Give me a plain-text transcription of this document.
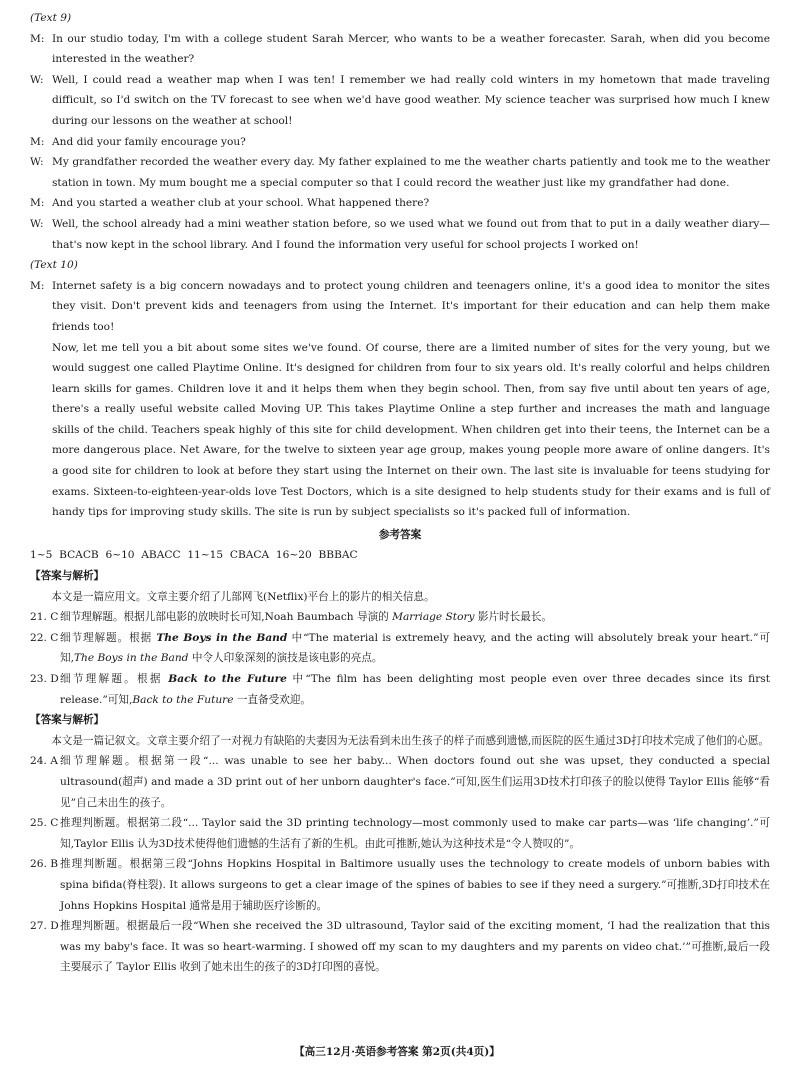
(Text 9)
M: In our studio today, I'm with a college student Sarah Mercer, who wants to be a weather forecaster. Sarah, when did you become interested in the weather?
W: Well, I could read a weather map when I was ten! I remember we had really cold winters in my hometown that made traveling difficult, so I'd switch on the TV forecast to see when we'd have good weather. My science teacher was surprised how much I knew during our lessons on the weather at school!
M: And did your family encourage you?
W: My grandfather recorded the weather every day. My father explained to me the weather charts patiently and took me to the weather station in town. My mum bought me a special computer so that I could record the weather just like my grandfather had done.
M: And you started a weather club at your school. What happened there?
W: Well, the school already had a mini weather station before, so we used what we found out from that to put in a daily weather diary—that's now kept in the school library. And I found the information very useful for school projects I worked on!
(Text 10)
M: Internet safety is a big concern nowadays and to protect young children and teenagers online, it's a good idea to monitor the sites they visit. Don't prevent kids and teenagers from using the Internet. It's important for their education and can help them make friends too!
Now, let me tell you a bit about some sites we've found. Of course, there are a limited number of sites for the very young, but we would suggest one called Playtime Online. It's designed for children from four to six years old. It's really colorful and helps children learn skills for games. Children love it and it helps them when they begin school. Then, from say five until about ten years of age, there's a really useful website called Moving UP. This takes Playtime Online a step further and increases the math and language skills of the child. Teachers speak highly of this site for child development. When children get into their teens, the Internet can be a more dangerous place. Net Aware, for the twelve to sixteen year age group, makes young people more aware of online dangers. It's a good site for children to look at before they start using the Internet on their own. The last site is invaluable for teens studying for exams. Sixteen-to-eighteen-year-olds love Test Doctors, which is a site designed to help students study for their exams and is full of handy tips for improving study skills. The site is run by subject specialists so it's packed full of information.
参考答案
1~5  BCACB  6~10  ABACC  11~15  CBACA  16~20  BBBAC
【答案与解析】
本文是一篇应用文。文章主要介绍了儿部网飞(Netflix)平台上的影片的相关信息。
21. C 细节理解题。根据儿部电影的放映时长可知,Noah Baumbach 导演的 Marriage Story 影片时长最长。
22. C 细节理解题。根据 The Boys in the Band 中“The material is extremely heavy, and the acting will absolutely break your heart.”可知,The Boys in the Band 中令人印象深刻的演技是该电影的亮点。
23. D 细节理解题。根据 Back to the Future 中“The film has been delighting most people even over three decades since its first release.”可知,Back to the Future 一直备受欢迎。
【答案与解析】
本文是一篇记叙文。文章主要介绍了一对视力有缺陷的夫妻因为无法看到未出生孩子的样子而感到遗憾,而医院的医生通过3D打印技术完成了他们的心愿。
24. A 细节理解题。根据第一段“... was unable to see her baby... When doctors found out she was upset, they conducted a special ultrasound(超声) and made a 3D print out of her unborn daughter's face.”可知,医生们运用3D技术打印孩子的脸以使得 Taylor Ellis 能够“看见”自己未出生的孩子。
25. C 推理判断题。根据第二段“... Taylor said the 3D printing technology—most commonly used to make car parts—was ‘life changing’.”可知,Taylor Ellis 认为3D技术使得他们遗憾的生活有了新的生机。由此可推断,她认为这种技术是“令人赞叹的”。
26. B 推理判断题。根据第三段“Johns Hopkins Hospital in Baltimore usually uses the technology to create models of unborn babies with spina bifida(脊柱裂). It allows surgeons to get a clear image of the spines of babies to see if they need a surgery.”可推断,3D打印技术在 Johns Hopkins Hospital 通常是用于辅助医疗诊断的。
27. D 推理判断题。根据最后一段“When she received the 3D ultrasound, Taylor said of the exciting moment, ‘I had the realization that this was my baby's face. It was so heart-warming. I showed off my scan to my daughters and my parents on video chat.’”可推断,最后一段主要展示了 Taylor Ellis 收到了她未出生的孩子的3D打印图的喜悦。
【高三12月·英语参考答案 第2页(共4页)】
